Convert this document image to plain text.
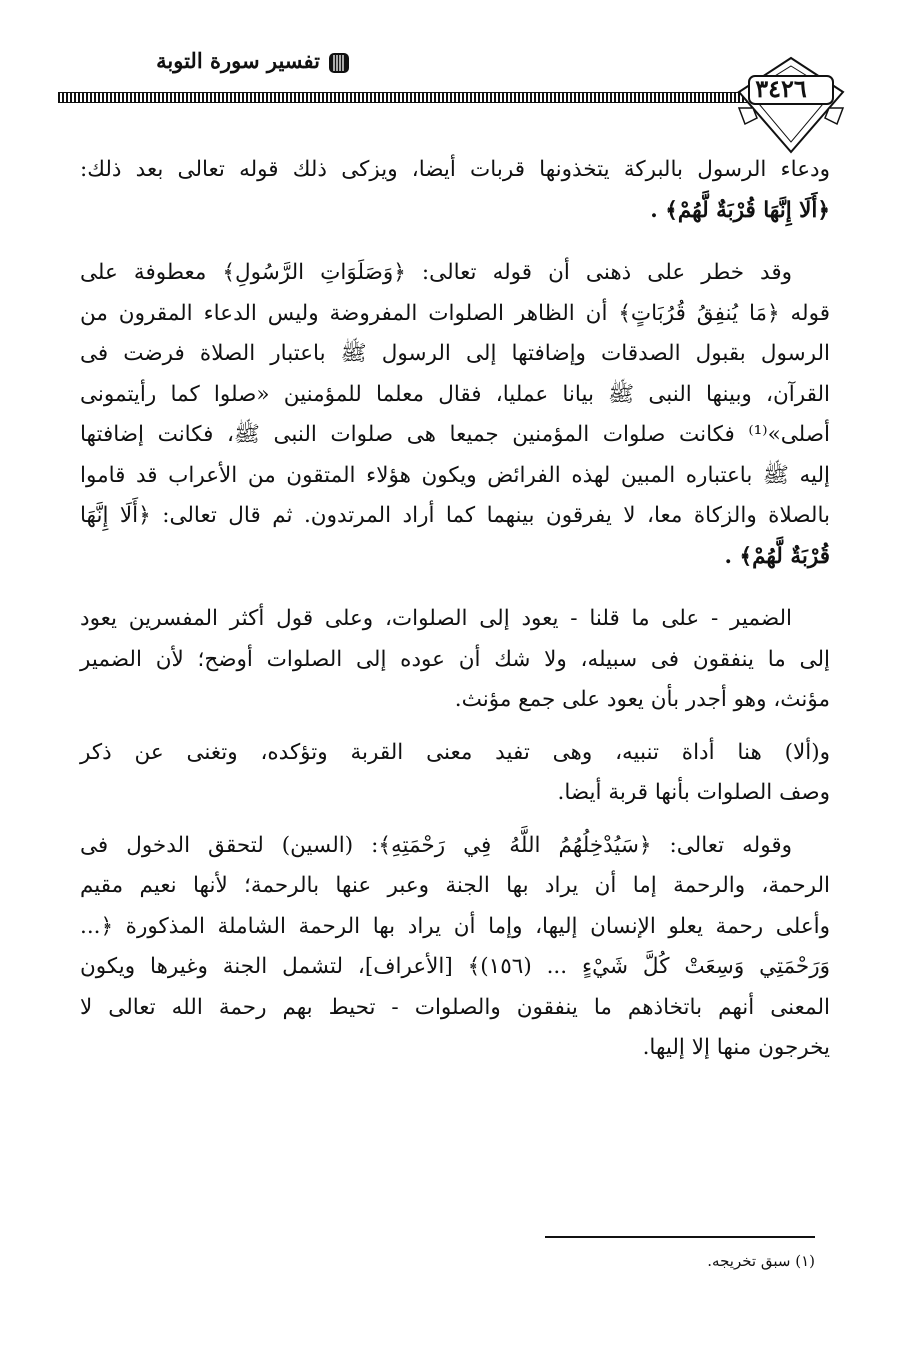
تفسير سورة التوبة
٣٤٢٦
ودعاء الرسول بالبركة يتخذونها قربات أيضا، ويزكى ذلك قوله تعالى بعد ذلك:
﴿أَلَا إِنَّهَا قُرْبَةٌ لَّهُمْ﴾ .
وقد خطر على ذهنى أن قوله تعالى: ﴿وَصَلَوَاتِ الرَّسُولِ﴾ معطوفة على
قوله ﴿مَا يُنفِقُ قُرُبَاتٍ﴾ أن الظاهر الصلوات المفروضة وليس الدعاء المقرون من
الرسول بقبول الصدقات وإضافتها إلى الرسول ﷺ باعتبار الصلاة فرضت فى
القرآن، وبينها النبى ﷺ بيانا عمليا، فقال معلما للمؤمنين «صلوا كما رأيتمونى
أصلى»⁽¹⁾ فكانت صلوات المؤمنين جميعا هى صلوات النبى ﷺ، فكانت إضافتها
إليه ﷺ باعتباره المبين لهذه الفرائض ويكون هؤلاء المتقون من الأعراب قد قاموا
بالصلاة والزكاة معا، لا يفرقون بينهما كما أراد المرتدون. ثم قال تعالى: ﴿أَلَا إِنَّهَا
قُرْبَةٌ لَّهُمْ﴾ .
الضمير - على ما قلنا - يعود إلى الصلوات، وعلى قول أكثر المفسرين يعود
إلى ما ينفقون فى سبيله، ولا شك أن عوده إلى الصلوات أوضح؛ لأن الضمير
مؤنث، وهو أجدر بأن يعود على جمع مؤنث.
و(ألا) هنا أداة تنبيه، وهى تفيد معنى القربة وتؤكده، وتغنى عن ذكر
وصف الصلوات بأنها قربة أيضا.
وقوله تعالى: ﴿سَيُدْخِلُهُمُ اللَّهُ فِي رَحْمَتِهِ﴾: (السين) لتحقق الدخول فى
الرحمة، والرحمة إما أن يراد بها الجنة وعبر عنها بالرحمة؛ لأنها نعيم مقيم
وأعلى رحمة يعلو الإنسان إليها، وإما أن يراد بها الرحمة الشاملة المذكورة ﴿...
وَرَحْمَتِي وَسِعَتْ كُلَّ شَيْءٍ ... (١٥٦)﴾ [الأعراف]، لتشمل الجنة وغيرها ويكون
المعنى أنهم باتخاذهم ما ينفقون والصلوات - تحيط بهم رحمة الله تعالى لا
يخرجون منها إلا إليها.
(١) سبق تخريجه.
